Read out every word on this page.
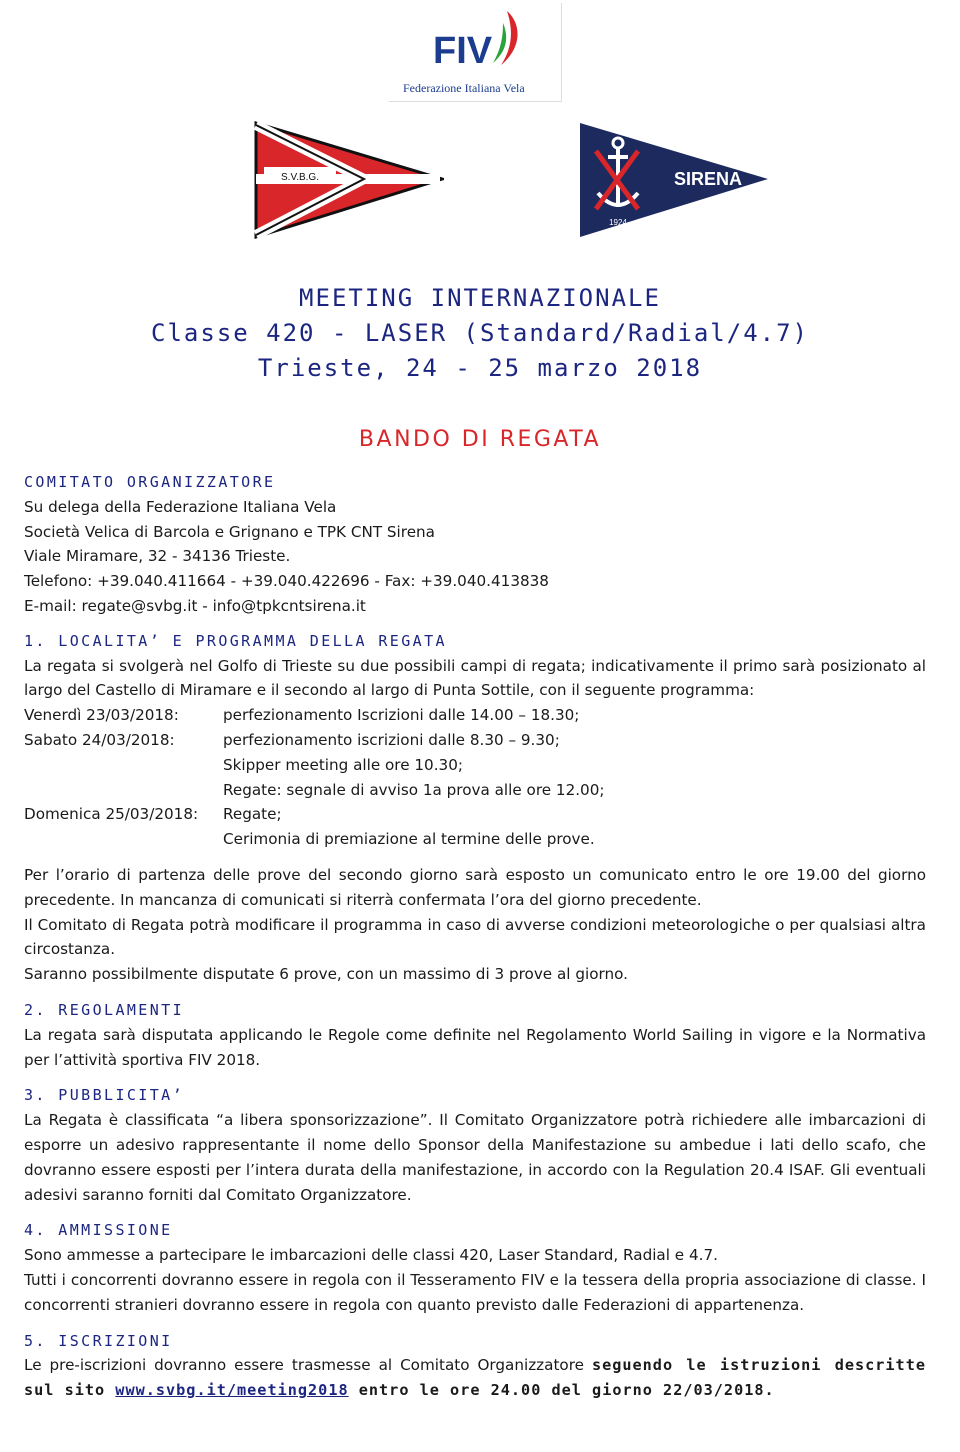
FIV
Federazione Italiana Vela
S.V.B.G.	SIRENA
1924
MEETING INTERNAZIONALE
Classe 420 - LASER (Standard/Radial/4.7)
Trieste, 24 - 25 marzo 2018
BANDO DI REGATA
COMITATO ORGANIZZATORE

Su delega della Federazione Italiana Vela

Società Velica di Barcola e Grignano e TPK CNT Sirena

Viale Miramare, 32 - 34136 Trieste.

Telefono: +39.040.411664 - +39.040.422696 - Fax: +39.040.413838

E-mail: regate@svbg.it - info@tpkcntsirena.it

1. LOCALITA’ E PROGRAMMA DELLA REGATA

La regata si svolgerà nel Golfo di Trieste su due possibili campi di regata; indicativamente il primo sarà posizionato al largo del Castello di Miramare e il secondo al largo di Punta Sottile, con il seguente programma:

Venerdì 23/03/2018:	perfezionamento Iscrizioni dalle 14.00 – 18.30;
Sabato 24/03/2018:	perfezionamento iscrizioni dalle 8.30 – 9.30;
Skipper meeting alle ore 10.30;
Regate: segnale di avviso 1a prova alle ore 12.00;
Domenica 25/03/2018:	Regate;
Cerimonia di premiazione al termine delle prove.

Per l’orario di partenza delle prove del secondo giorno sarà esposto un comunicato entro le ore 19.00 del giorno precedente. In mancanza di comunicati si riterrà confermata l’ora del giorno precedente.

Il Comitato di Regata potrà modificare il programma in caso di avverse condizioni meteorologiche o per qualsiasi altra circostanza.

Saranno possibilmente disputate 6 prove, con un massimo di 3 prove al giorno.

2. REGOLAMENTI

La regata sarà disputata applicando le Regole come definite nel Regolamento World Sailing in vigore e la Normativa per l’attività sportiva FIV 2018.

3. PUBBLICITA’

La Regata è classificata “a libera sponsorizzazione”. Il Comitato Organizzatore potrà richiedere alle imbarcazioni di esporre un adesivo rappresentante il nome dello Sponsor della Manifestazione su ambedue i lati dello scafo, che dovranno essere esposti per l’intera durata della manifestazione, in accordo con la Regulation 20.4 ISAF. Gli eventuali adesivi saranno forniti dal Comitato Organizzatore.

4. AMMISSIONE

Sono ammesse a partecipare le imbarcazioni delle classi 420, Laser Standard, Radial e 4.7.

Tutti i concorrenti dovranno essere in regola con il Tesseramento FIV e la tessera della propria associazione di classe. I concorrenti stranieri dovranno essere in regola con quanto previsto dalle Federazioni di appartenenza.

5. ISCRIZIONI

Le pre-iscrizioni dovranno essere trasmesse al Comitato Organizzatore seguendo le istruzioni descritte sul sito www.svbg.it/meeting2018 entro le ore 24.00 del giorno 22/03/2018.
